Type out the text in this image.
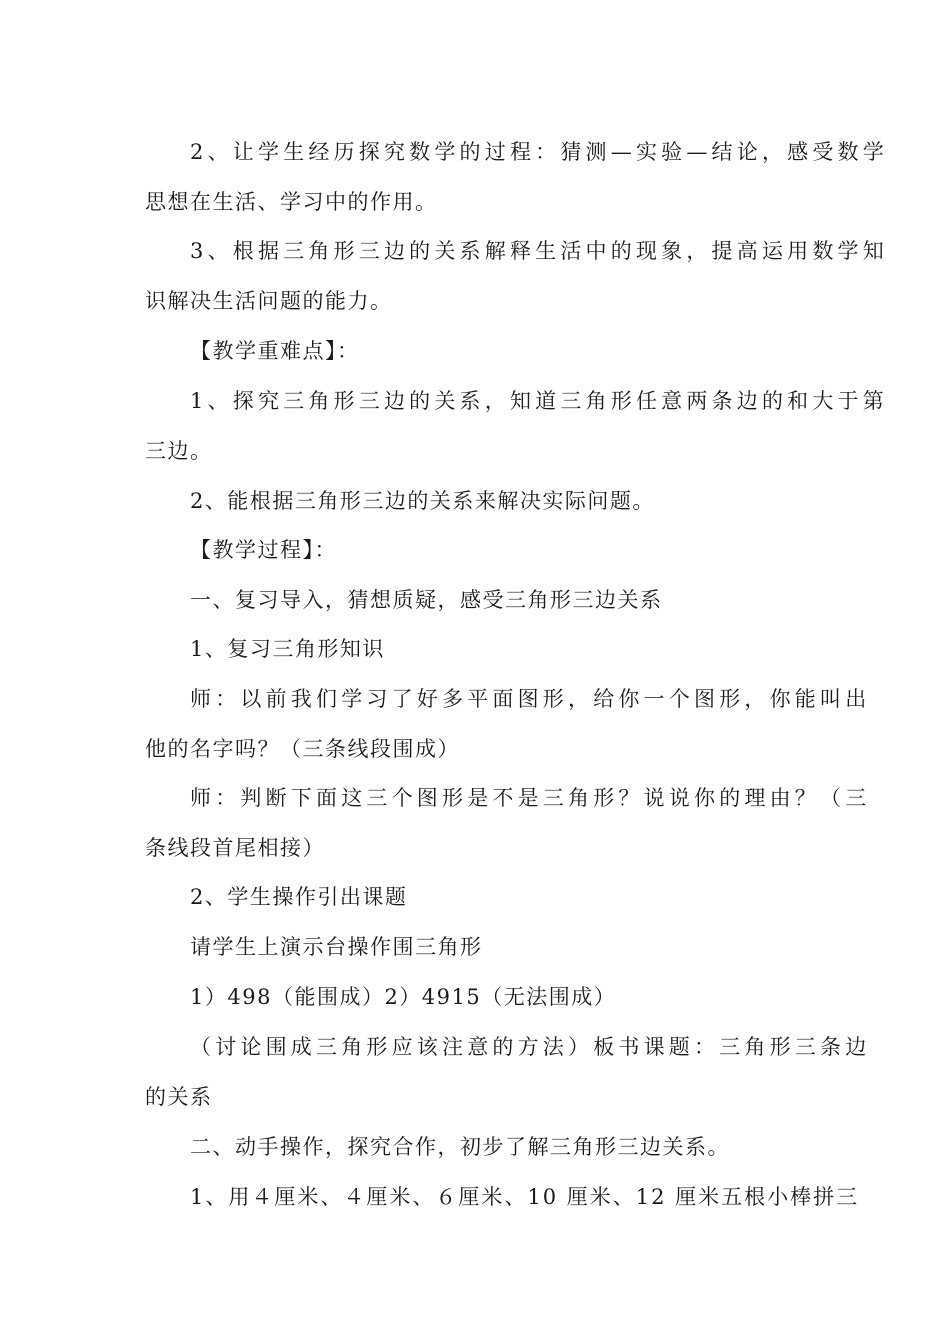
2、让学生经历探究数学的过程：猜测—实验—结论，感受数学
思想在生活、学习中的作用。
3、根据三角形三边的关系解释生活中的现象，提高运用数学知
识解决生活问题的能力。
【教学重难点】：
1、探究三角形三边的关系，知道三角形任意两条边的和大于第
三边。
2、能根据三角形三边的关系来解决实际问题。
【教学过程】：
一、复习导入，猜想质疑，感受三角形三边关系
1、复习三角形知识
师：以前我们学习了好多平面图形，给你一个图形，你能叫出
他的名字吗？（三条线段围成）
师：判断下面这三个图形是不是三角形？说说你的理由？（三
条线段首尾相接）
2、学生操作引出课题
请学生上演示台操作围三角形
1）498（能围成）2）4915（无法围成）
（讨论围成三角形应该注意的方法）板书课题：三角形三条边
的关系
二、动手操作，探究合作，初步了解三角形三边关系。
1、用４厘米、４厘米、６厘米、10 厘米、12 厘米五根小棒拼三
